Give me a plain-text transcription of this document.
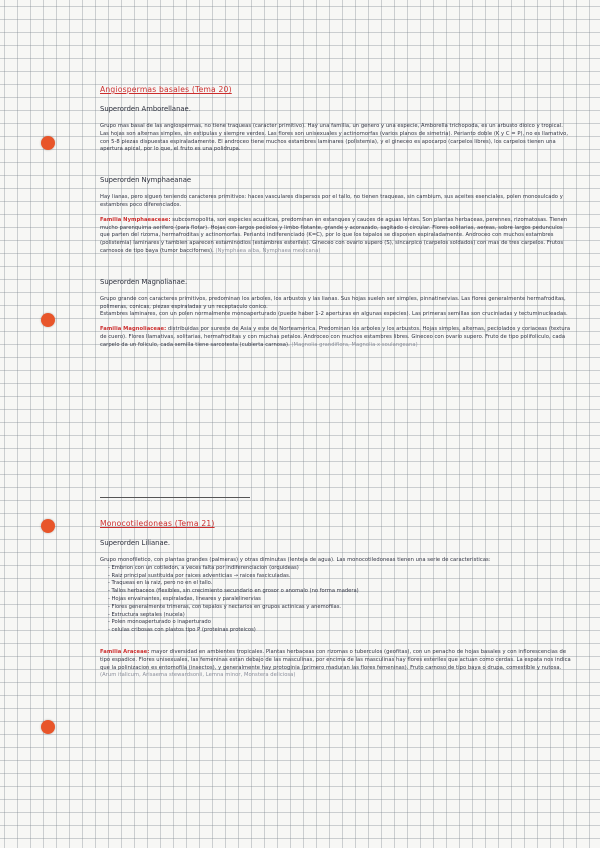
Angiospermas basales (Tema 20)

Superorden Amborellanae.

Grupo mas basal de las angiospermas, no tiene traqueas (caracter primitivo). Hay una familia, un genero y una especie, Amborella trichopoda, es un arbusto dioico y tropical. Las hojas son alternas simples, sin estipulas y siempre verdes. Las flores son unisexuales y actinomorfas (varios planos de simetria). Perianto doble (K y C = P), no es llamativo, con 5-8 piezas dispuestas espiraladamente. El androceo tiene muchos estambres laminares (polistemia), y el gineceo es apocarpo (carpelos libres), los carpelos tienen una apertura apical, por lo que, el fruto es una polidrupa.

Superorden Nymphaeanae

Hay lianas, pero siguen teniendo caracteres primitivos: haces vasculares dispersos por el tallo, no tienen traqueas, sin cambium, sus aceites esenciales, polen monosulcado y estambres poco diferenciados.

Familia Nymphaeaceae: subcosmopolita, son especies acuaticas, predominan en estanques y cauces de aguas lentas. Son plantas herbaceas, perennes, rizomatosas. Tienen mucho parenquima aerifero (para flotar). Hojas con largos peciolos y limbo flotante, grande y acorazado, sagitado o circular. Flores solitarias, aereas, sobre largos pedunculos que parten del rizoma, hermafroditas y actinomorfas. Perianto indiferenciado (K=C), por lo que los tepalos se disponen espiraladamente. Androceo con muchos estambres (polistemia) laminares y tambien aparecen estaminodios (estambres esteriles). Gineceo con ovario supero (S), sincarpico (carpelos soldados) con mas de tres carpelos. Frutos carnosos de tipo baya (tumor baccifornes). (Nymphaea alba, Nymphaea mexicana)

Superorden Magnolianae.

Grupo grande con caracteres primitivos, predominan los arboles, los arbustos y las lianas. Sus hojas suelen ser simples, pinnatinervias. Las flores generalmente hermafroditas, polimeras, conicas, piezas espiraladas y un receptaculo conico.

Estambres laminares, con un polen normalmente monoaperturado (puede haber 1-2 aperturas en algunas especies). Las primeras semillas son cruciniadas y tectuminucleadas.

Familia Magnoliaceae: distribuidas por sureste de Asia y este de Norteamerica. Predominan los arboles y los arbustos. Hojas simples, alternas, peciolados y coriaceas (textura de cuero). Flores llamativas, solitarias, hermafroditas y con muchas petalos. Androceo con muchos estambres libres. Gineceo con ovario supero. Fruto de tipo polifoliculo, cada carpelo da un foliculo, cada semilla tiene sarcotesta (cubierta carnosa). (Magnolia grandiflora, Magnolia x soulangeana)

Monocotiledoneas (Tema 21)

Superorden Lilianae.

Grupo monofiletico, con plantas grandes (palmeras) y otras diminutas (lenteja de agua). Las monocotiledoneas tienen una serie de caracteristicas:

- Embrion con un cotiledon, a veces falta por indiferenciacion (orquideas)
- Raiz principal sustituida por raices adventicias → raices fasciculadas.
- Traqueas en la raiz, pero no en el tallo.
- Tallos herbaceos (flexibles, sin crecimiento secundario en grosor o anomalo (no forma madera)
- Hojas envainantes, espiraladas, lineares y paralelinervias
- Flores generalmente trimeras, con tepalos y nectarios en grupos actinicas y anemofilas.
- Estructura septales (nucela)
- Polen monoaperturado o inaperturado
- celulas cribosas con plastos tipo P (proteinas proteicos)

Familia Araceae: mayor diversidad en ambientes tropicales. Plantas herbaceas con rizomas o tuberculos (geofitas), con un penacho de hojas basales y con inflorescencias de tipo espadice. Flores unisexuales, las femeninas estan debajo de las masculinas, por encima de las masculinas hay flores esteriles que actuan como cerdas. La espata nos indica que la polinizacion es entomofila (insectos), y generalmente hay protoginia (primero maduran las flores femeninas). Fruto carnoso de tipo baya o drupa, comestible y nutosa. (Arum italicum, Arisaema stewardsonii, Lemna minor, Monstera deliciosa)
